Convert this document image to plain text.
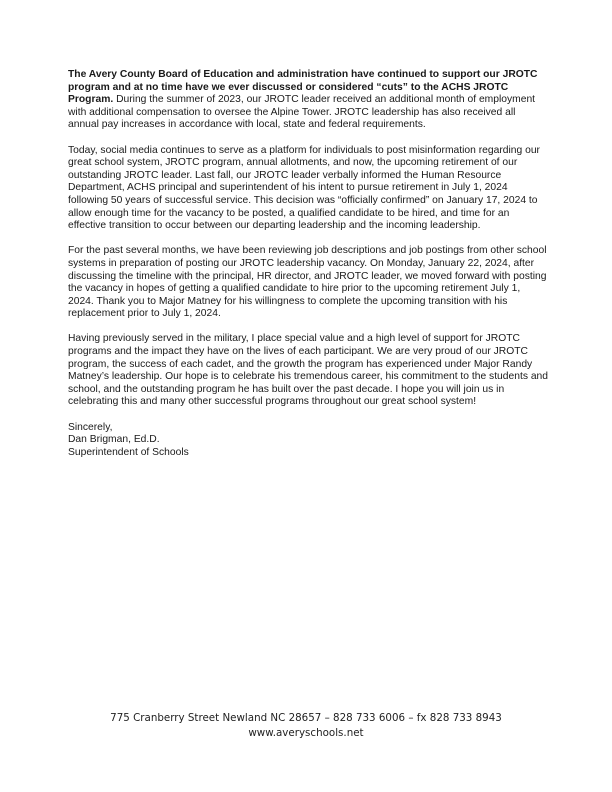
The Avery County Board of Education and administration have continued to support our JROTC program and at no time have we ever discussed or considered “cuts” to the ACHS JROTC Program. During the summer of 2023, our JROTC leader received an additional month of employment with additional compensation to oversee the Alpine Tower. JROTC leadership has also received all annual pay increases in accordance with local, state and federal requirements.

Today, social media continues to serve as a platform for individuals to post misinformation regarding our great school system, JROTC program, annual allotments, and now, the upcoming retirement of our outstanding JROTC leader. Last fall, our JROTC leader verbally informed the Human Resource Department, ACHS principal and superintendent of his intent to pursue retirement in July 1, 2024 following 50 years of successful service. This decision was “officially confirmed” on January 17, 2024 to allow enough time for the vacancy to be posted, a qualified candidate to be hired, and time for an effective transition to occur between our departing leadership and the incoming leadership.

For the past several months, we have been reviewing job descriptions and job postings from other school systems in preparation of posting our JROTC leadership vacancy. On Monday, January 22, 2024, after discussing the timeline with the principal, HR director, and JROTC leader, we moved forward with posting the vacancy in hopes of getting a qualified candidate to hire prior to the upcoming retirement July 1, 2024. Thank you to Major Matney for his willingness to complete the upcoming transition with his replacement prior to July 1, 2024.

Having previously served in the military, I place special value and a high level of support for JROTC programs and the impact they have on the lives of each participant. We are very proud of our JROTC program, the success of each cadet, and the growth the program has experienced under Major Randy Matney’s leadership. Our hope is to celebrate his tremendous career, his commitment to the students and school, and the outstanding program he has built over the past decade. I hope you will join us in celebrating this and many other successful programs throughout our great school system!

Sincerely,
Dan Brigman, Ed.D.
Superintendent of Schools
775 Cranberry Street Newland NC 28657 – 828 733 6006 – fx 828 733 8943
www.averyschools.net
